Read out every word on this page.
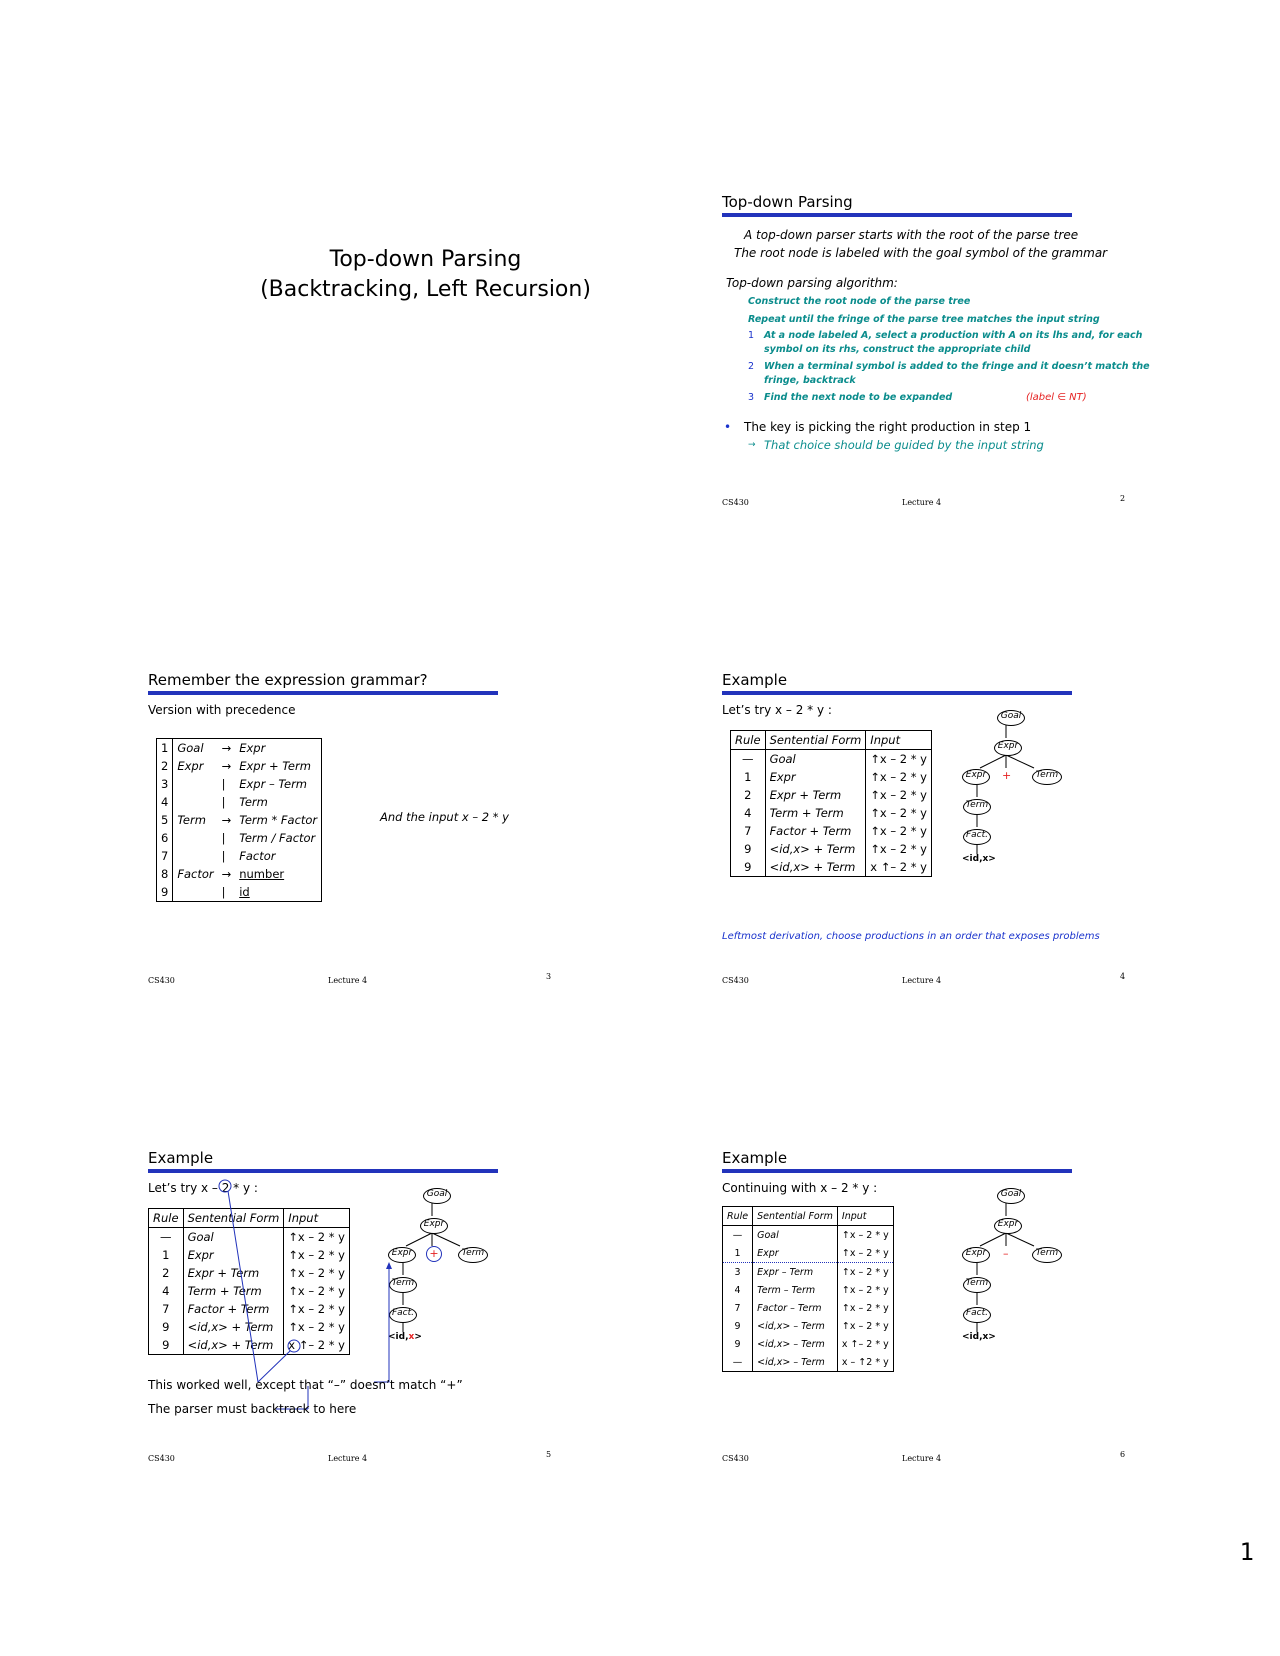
Top-down Parsing
(Backtracking, Left Recursion)
Top-down Parsing
A top-down parser starts with the root of the parse tree
The root node is labeled with the goal symbol of the grammar
Top-down parsing algorithm:
Construct the root node of the parse tree
Repeat until the fringe of the parse tree matches the input string
1 At a node labeled A, select a production with A on its lhs and, for each
symbol on its rhs, construct the appropriate child
2 When a terminal symbol is added to the fringe and it doesn’t match the
fringe, backtrack
3 Find the next node to be expanded	(label ∈ NT)
• The key is picking the right production in step 1
→ That choice should be guided by the input string
CS430	Lecture 4	2
Remember the expression grammar?
Version with precedence
1	Goal	→	Expr
2	Expr	→	Expr + Term
3		|	Expr – Term
4		|	Term
5	Term	→	Term * Factor
6		|	Term / Factor
7		|	Factor
8	Factor	→	number
9		|	id
And the input x – 2 * y
CS430	Lecture 4	3
Example
Let’s try x – 2 * y :
Rule	Sentential Form	Input
—	Goal	↑x – 2 * y
1	Expr	↑x – 2 * y
2	Expr + Term	↑x – 2 * y
4	Term + Term	↑x – 2 * y
7	Factor + Term	↑x – 2 * y
9	<id,x> + Term	↑x – 2 * y
9	<id,x> + Term	x ↑– 2 * y
Goal
Expr
Expr	+	Term
Term
Fact.
<id,x>
Leftmost derivation, choose productions in an order that exposes problems
CS430	Lecture 4	4
Example
Let’s try x – 2 * y :
Rule	Sentential Form	Input
—	Goal	↑x – 2 * y
1	Expr	↑x – 2 * y
2	Expr + Term	↑x – 2 * y
4	Term + Term	↑x – 2 * y
7	Factor + Term	↑x – 2 * y
9	<id,x> + Term	↑x – 2 * y
9	<id,x> + Term	x ↑– 2 * y
Goal
Expr
Expr	+	Term
Term
Fact.
<id,x>
This worked well, except that “–” doesn’t match “+”
The parser must backtrack to here
CS430	Lecture 4	5
Example
Continuing with x – 2 * y :
Rule	Sentential Form	Input
—	Goal	↑x – 2 * y
1	Expr	↑x – 2 * y
3	Expr – Term	↑x – 2 * y
4	Term – Term	↑x – 2 * y
7	Factor – Term	↑x – 2 * y
9	<id,x> – Term	↑x – 2 * y
9	<id,x> – Term	x ↑– 2 * y
—	<id,x> – Term	x – ↑2 * y
Goal
Expr
Expr	–	Term
Term
Fact.
<id,x>
CS430	Lecture 4	6
1
